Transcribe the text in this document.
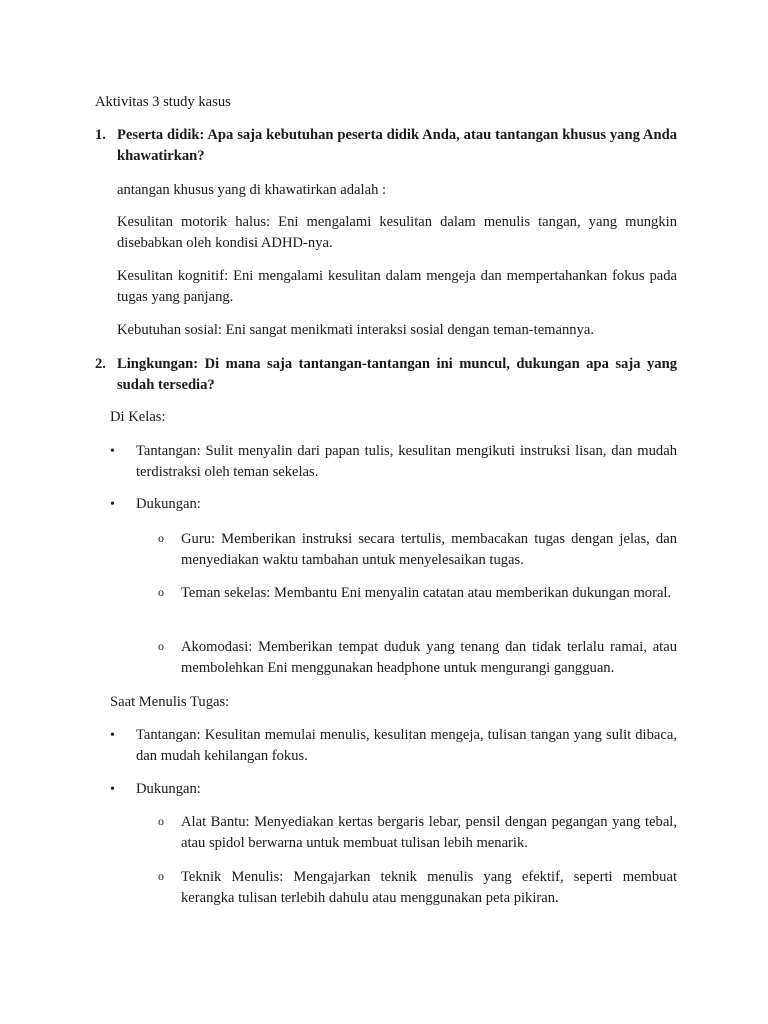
Aktivitas 3 study kasus

1. Peserta didik: Apa saja kebutuhan peserta didik Anda, atau tantangan khusus yang Anda khawatirkan?

antangan khusus yang di khawatirkan adalah :

Kesulitan motorik halus: Eni mengalami kesulitan dalam menulis tangan, yang mungkin disebabkan oleh kondisi ADHD-nya.

Kesulitan kognitif: Eni mengalami kesulitan dalam mengeja dan mempertahankan fokus pada tugas yang panjang.

Kebutuhan sosial: Eni sangat menikmati interaksi sosial dengan teman-temannya.

2. Lingkungan: Di mana saja tantangan-tantangan ini muncul, dukungan apa saja yang sudah tersedia?

Di Kelas:

•	Tantangan: Sulit menyalin dari papan tulis, kesulitan mengikuti instruksi lisan, dan mudah terdistraksi oleh teman sekelas.
•	Dukungan:
o Guru: Memberikan instruksi secara tertulis, membacakan tugas dengan jelas, dan menyediakan waktu tambahan untuk menyelesaikan tugas.
o Teman sekelas: Membantu Eni menyalin catatan atau memberikan dukungan moral.
o Akomodasi: Memberikan tempat duduk yang tenang dan tidak terlalu ramai, atau membolehkan Eni menggunakan headphone untuk mengurangi gangguan.

Saat Menulis Tugas:

•	Tantangan: Kesulitan memulai menulis, kesulitan mengeja, tulisan tangan yang sulit dibaca, dan mudah kehilangan fokus.
•	Dukungan:
o Alat Bantu: Menyediakan kertas bergaris lebar, pensil dengan pegangan yang tebal, atau spidol berwarna untuk membuat tulisan lebih menarik.
o Teknik Menulis: Mengajarkan teknik menulis yang efektif, seperti membuat kerangka tulisan terlebih dahulu atau menggunakan peta pikiran.
